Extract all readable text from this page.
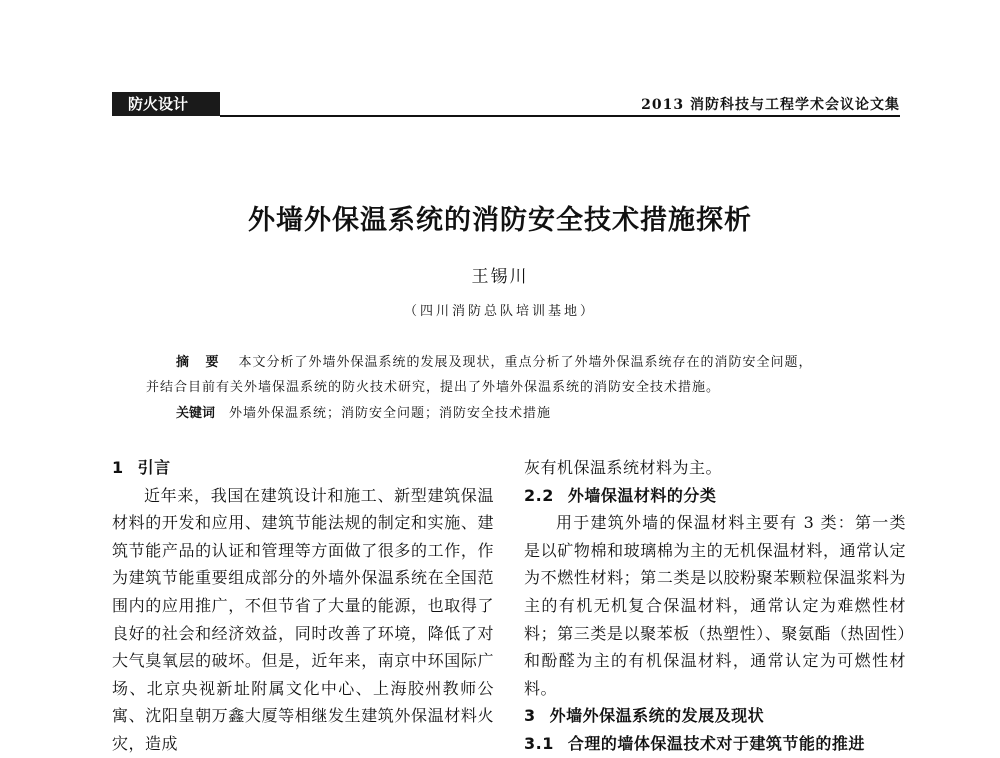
防火设计	2013 消防科技与工程学术会议论文集
外墙外保温系统的消防安全技术措施探析
王锡川
（四川消防总队培训基地）
摘 要 本文分析了外墙外保温系统的发展及现状，重点分析了外墙外保温系统存在的消防安全问题，
并结合目前有关外墙保温系统的防火技术研究，提出了外墙外保温系统的消防安全技术措施。
关键词 外墙外保温系统；消防安全问题；消防安全技术措施

1 引言

近年来，我国在建筑设计和施工、新型建筑保温材料的开发和应用、建筑节能法规的制定和实施、建筑节能产品的认证和管理等方面做了很多的工作，作为建筑节能重要组成部分的外墙外保温系统在全国范围内的应用推广，不但节省了大量的能源，也取得了良好的社会和经济效益，同时改善了环境，降低了对大气臭氧层的破坏。但是，近年来，南京中环国际广场、北京央视新址附属文化中心、上海胶州教师公寓、沈阳皇朝万鑫大厦等相继发生建筑外保温材料火灾，造成

灰有机保温系统材料为主。

2.2 外墙保温材料的分类

用于建筑外墙的保温材料主要有 3 类：第一类是以矿物棉和玻璃棉为主的无机保温材料，通常认定为不燃性材料；第二类是以胶粉聚苯颗粒保温浆料为主的有机无机复合保温材料，通常认定为难燃性材料；第三类是以聚苯板（热塑性）、聚氨酯（热固性）和酚醛为主的有机保温材料，通常认定为可燃性材料。

3 外墙外保温系统的发展及现状

3.1 合理的墙体保温技术对于建筑节能的推进
